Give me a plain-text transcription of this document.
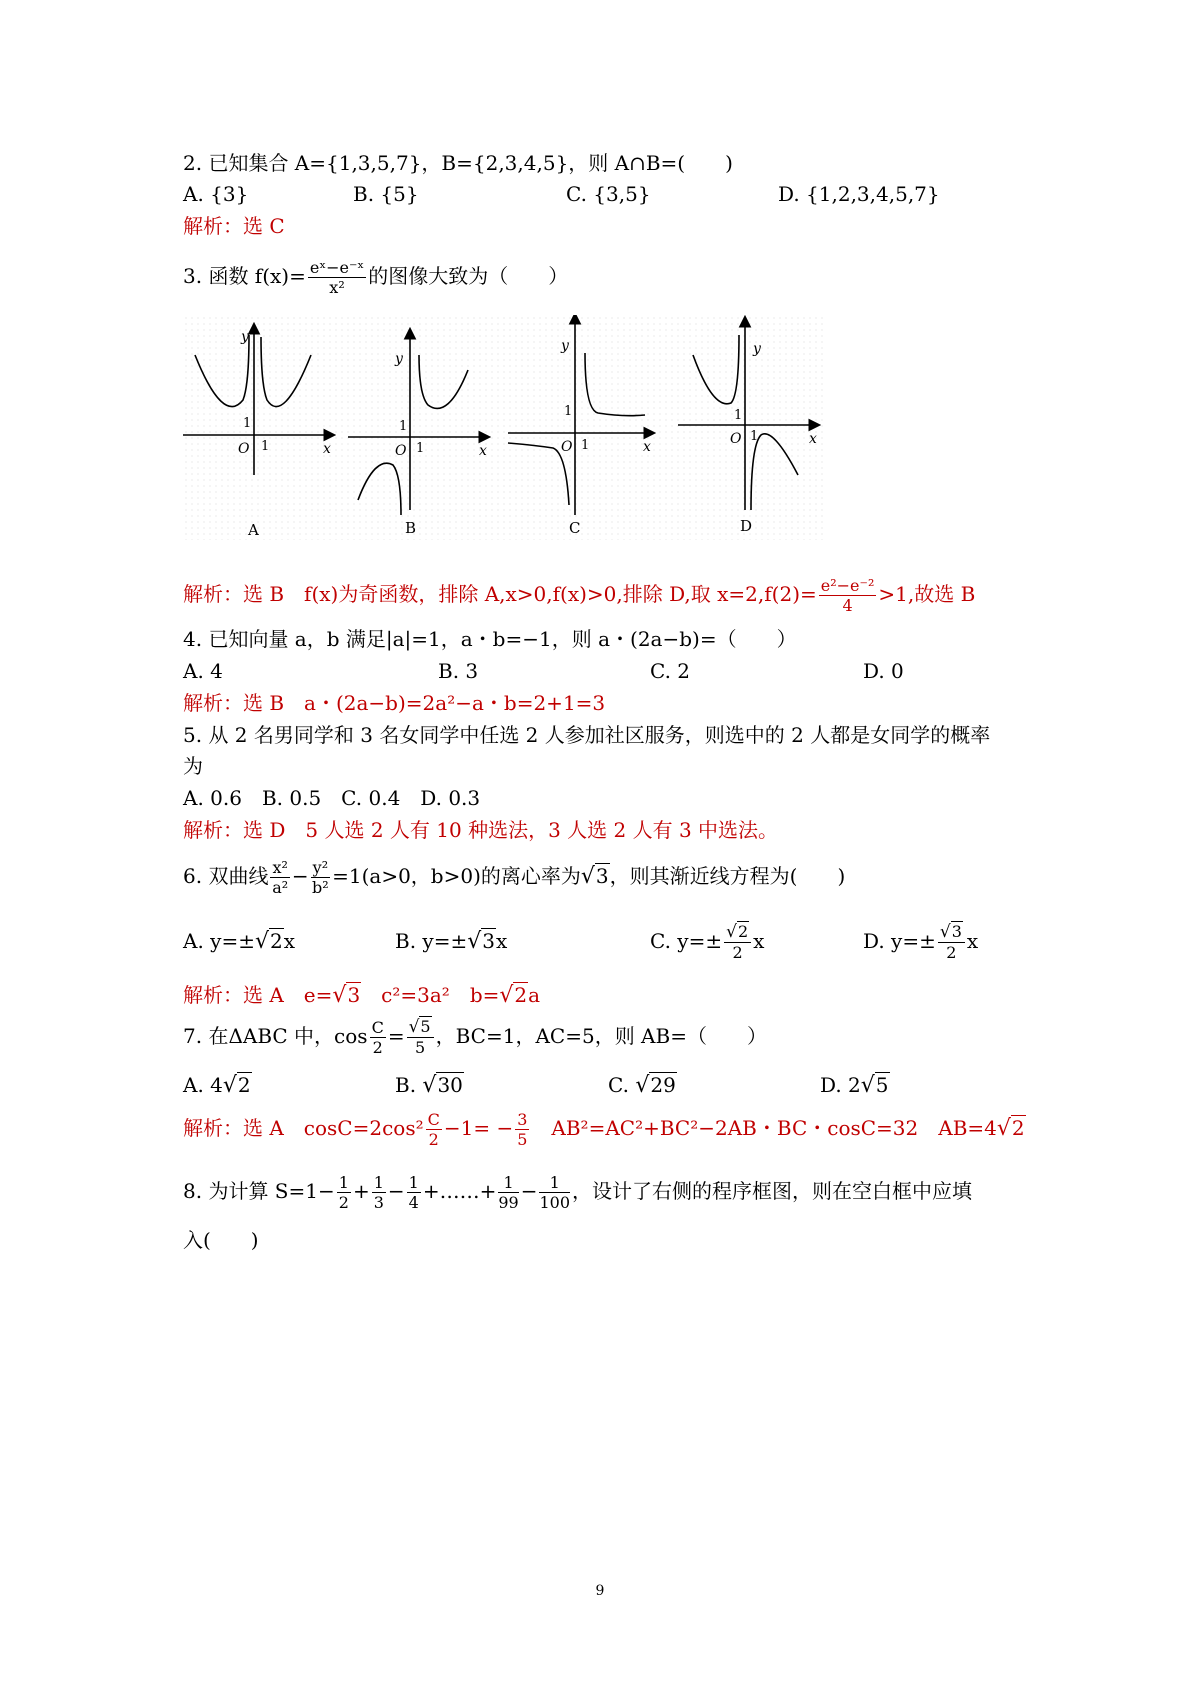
2. 已知集合 A={1,3,5,7}，B={2,3,4,5}，则 A∩B=(　　)
A. {3}	B. {5}	C. {3,5}	D. {1,2,3,4,5,7}
解析：选 C
3. 函数 $f(x)= \frac{\text{eˣ−e⁻ˣ}}{\text{x²}}$ 的图像大致为（　　）
y
x
O
1
1
A
y
x
O
1
1
B
y
x
O
1
1
C
y
x
O
1
1
D
解析：选 B　f(x)为奇函数，排除 A,x>0,f(x)>0,排除 D,取 $x=2,f(2)= \frac{\text{e²−e⁻²}}{4} >1$,故选 B
4. 已知向量 a，b 满足|a|=1，a・b=−1，则 a・(2a−b)=（　　）
A. 4	B. 3	C. 2	D. 0
解析：选 B　a・(2a−b)=2a²−a・b=2+1=3
5. 从 2 名男同学和 3 名女同学中任选 2 人参加社区服务，则选中的 2 人都是女同学的概率
为
A. 0.6　B. 0.5　C. 0.4　D. 0.3
解析：选 D　5 人选 2 人有 10 种选法，3 人选 2 人有 3 中选法。
6. 双曲线 $\frac{\text{x²}}{\text{a²}} - \frac{\text{y²}}{\text{b²}} =1(a>0$，b>0)的离心率为√3，则其渐近线方程为(　　)
A. y=±√2x	B. y=±√3x	C. $y=\pm \frac{√2}{2}$ x	D. $y=\pm \frac{√3}{2}$ x
解析：选 A　e=√3　c²=3a²　b=√2a
7. 在ΔABC 中，$\cos \frac{C}{2} = \frac{√5}{5}$ ，BC=1，AC=5，则 AB=（　　）
A. 4√2	B. √30	C. √29	D. 2√5
解析：选 A　$\cos C=2\cos^2 \frac{C}{2} -1= - \frac{3}{5}$ 　AB²=AC²+BC²−2AB・BC・cosC=32　AB=4√2
8. 为计算 $S=1- \frac{1}{2} + \frac{1}{3} - \frac{1}{4}$ +……+ $\frac{1}{99} - \frac{1}{100}$ ，设计了右侧的程序框图，则在空白框中应填
入(　　)
9
